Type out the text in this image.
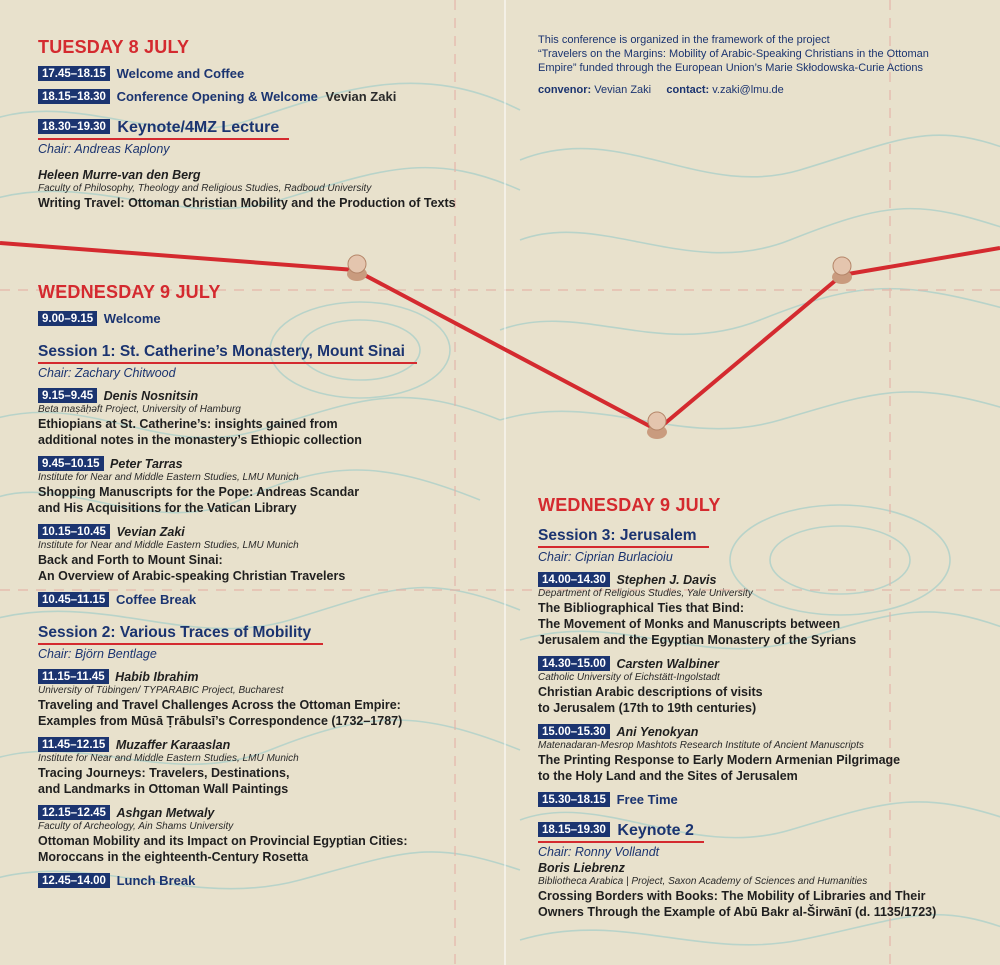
TUESDAY 8 JULY
17.45–18.15 Welcome and Coffee
18.15–18.30 Conference Opening & Welcome Vevian Zaki
18.30–19.30 Keynote/4MZ Lecture
Chair: Andreas Kaplony
Heleen Murre-van den Berg
Faculty of Philosophy, Theology and Religious Studies, Radboud University
Writing Travel: Ottoman Christian Mobility and the Production of Texts
WEDNESDAY 9 JULY
9.00–9.15 Welcome
Session 1: St. Catherine’s Monastery, Mount Sinai
Chair: Zachary Chitwood
9.15–9.45 Denis Nosnitsin
Beta maṣāḥǝft Project, University of Hamburg
Ethiopians at St. Catherine’s: insights gained from
additional notes in the monastery’s Ethiopic collection
9.45–10.15 Peter Tarras
Institute for Near and Middle Eastern Studies, LMU Munich
Shopping Manuscripts for the Pope: Andreas Scandar
and His Acquisitions for the Vatican Library
10.15–10.45 Vevian Zaki
Institute for Near and Middle Eastern Studies, LMU Munich
Back and Forth to Mount Sinai:
An Overview of Arabic-speaking Christian Travelers
10.45–11.15 Coffee Break
Session 2: Various Traces of Mobility
Chair: Björn Bentlage
11.15–11.45 Habib Ibrahim
University of Tübingen/ TYPARABIC Project, Bucharest
Traveling and Travel Challenges Across the Ottoman Empire:
Examples from Mūsā Ṭrābulsī’s Correspondence (1732–1787)
11.45–12.15 Muzaffer Karaaslan
Institute for Near and Middle Eastern Studies, LMU Munich
Tracing Journeys: Travelers, Destinations,
and Landmarks in Ottoman Wall Paintings
12.15–12.45 Ashgan Metwaly
Faculty of Archeology, Ain Shams University
Ottoman Mobility and its Impact on Provincial Egyptian Cities:
Moroccans in the eighteenth-Century Rosetta
12.45–14.00 Lunch Break
This conference is organized in the framework of the project
“Travelers on the Margins: Mobility of Arabic-Speaking Christians in the Ottoman
Empire” funded through the European Union’s Marie Skłodowska-Curie Actions
convenor: Vevian Zaki contact: v.zaki@lmu.de
WEDNESDAY 9 JULY
Session 3: Jerusalem
Chair: Ciprian Burlacioiu
14.00–14.30 Stephen J. Davis
Department of Religious Studies, Yale University
The Bibliographical Ties that Bind:
The Movement of Monks and Manuscripts between
Jerusalem and the Egyptian Monastery of the Syrians
14.30–15.00 Carsten Walbiner
Catholic University of Eichstätt-Ingolstadt
Christian Arabic descriptions of visits
to Jerusalem (17th to 19th centuries)
15.00–15.30 Ani Yenokyan
Matenadaran-Mesrop Mashtots Research Institute of Ancient Manuscripts
The Printing Response to Early Modern Armenian Pilgrimage
to the Holy Land and the Sites of Jerusalem
15.30–18.15 Free Time
18.15–19.30 Keynote 2
Chair: Ronny Vollandt
Boris Liebrenz
Bibliotheca Arabica | Project, Saxon Academy of Sciences and Humanities
Crossing Borders with Books: The Mobility of Libraries and Their
Owners Through the Example of Abū Bakr al-Širwānī (d. 1135/1723)
